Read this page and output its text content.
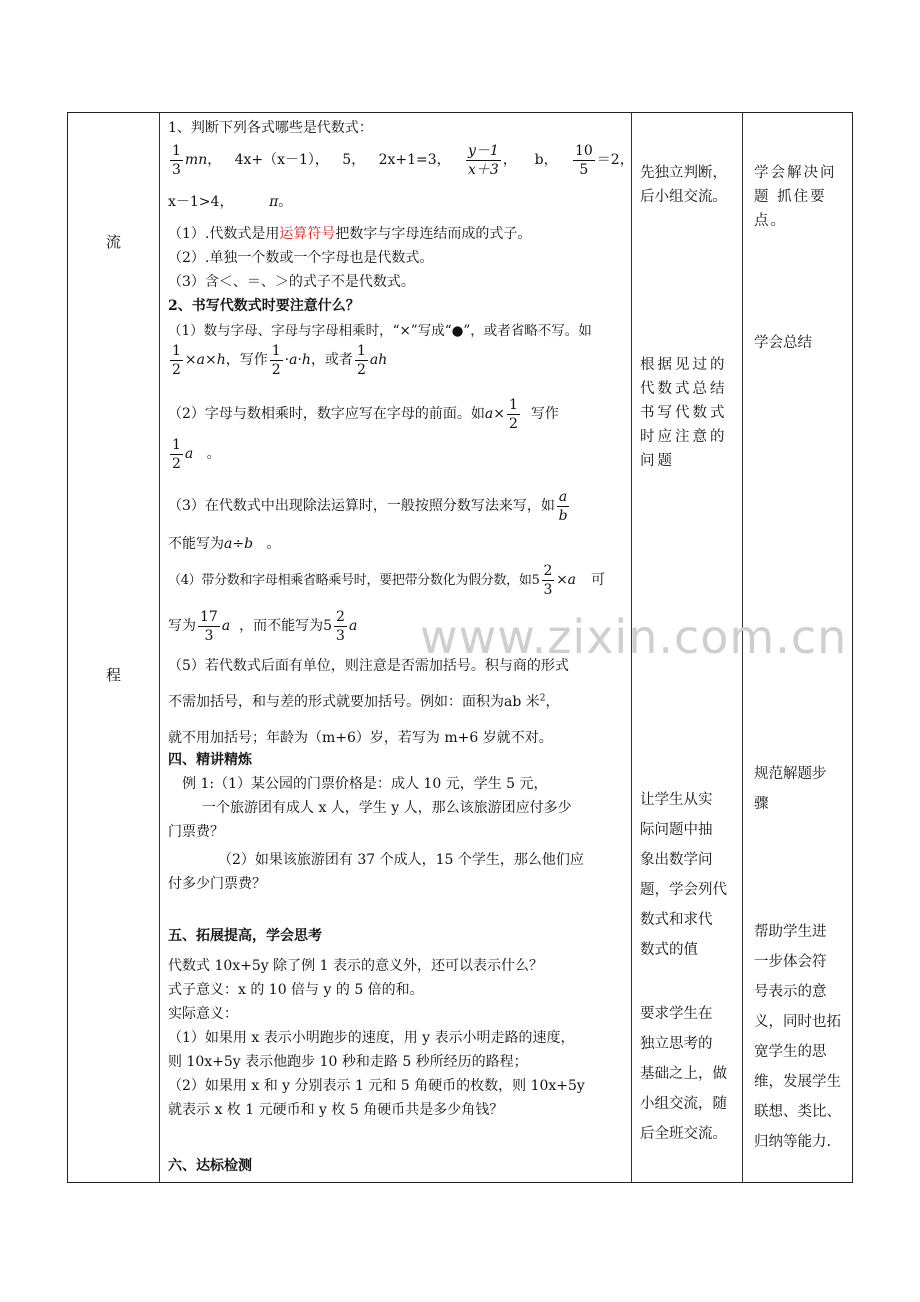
流
程
1、判断下列各式哪些是代数式：
$\frac{1}{3}$ mn，   4x+（x－1）， 5， 2x+1=3， $\frac{y-1}{x+3}$ ，    b， $\frac{10}{5} =2$，
x－1>4，	π。
（1）.代数式是用运算符号把数字与字母连结而成的式子。
（2）.单独一个数或一个字母也是代数式。
（3）含＜、＝、＞的式子不是代数式。
2、书写代数式时要注意什么？
（1）数与字母、字母与字母相乘时，“×”写成“●”，或者省略不写。如
$\frac{1}{2} \times a\times h$，写作 $\frac{1}{2} \cdot a\cdot h$，或者 $\frac{1}{2}$ ah
（2）字母与数相乘时，数字应写在字母的前面。如$a\times \frac{1}{2}$ 写作
$\frac{1}{2}$ a   。
（3）在代数式中出现除法运算时，一般按照分数写法来写，如 $\frac{a}{b}$
不能写为a÷b   。
（4）带分数和字母相乘省略乘号时，要把带分数化为假分数，如$5 \frac{2}{3} \times a$ 可
写为 $\frac{17}{3}$ a ，而不能写为$5 \frac{2}{3}$ a
（5）若代数式后面有单位，则注意是否需加括号。积与商的形式
不需加括号，和与差的形式就要加括号。例如：面积为ab 米$^2$，
就不用加括号；年龄为（m+6）岁，若写为 m+6 岁就不对。
四、精讲精炼
例 1:（1）某公园的门票价格是：成人 10 元，学生 5 元，
一个旅游团有成人 x 人，学生 y 人，那么该旅游团应付多少
门票费？
（2）如果该旅游团有 37 个成人，15 个学生，那么他们应
付多少门票费？
五、拓展提高，学会思考
代数式 10x+5y 除了例 1 表示的意义外，还可以表示什么？
式子意义：x 的 10 倍与 y 的 5 倍的和。
实际意义：
（1）如果用 x 表示小明跑步的速度，用 y 表示小明走路的速度，
则 10x+5y 表示他跑步 10 秒和走路 5 秒所经历的路程；
（2）如果用 x 和 y 分别表示 1 元和 5 角硬币的枚数，则 10x+5y
就表示 x 枚 1 元硬币和 y 枚 5 角硬币共是多少角钱？
六、达标检测
先独立判断，
后小组交流。
根据见过的
代数式总结
书写代数式
时应注意的
问题
让学生从实
际问题中抽
象出数学问
题，学会列代
数式和求代
数式的值
要求学生在
独立思考的
基础之上，做
小组交流，随
后全班交流。
学会解决问
题 抓住要点。
学会总结
规范解题步
骤
帮助学生进
一步体会符
号表示的意
义，同时也拓
宽学生的思
维，发展学生
联想、类比、
归纳等能力.
www.zixin.com.cn
